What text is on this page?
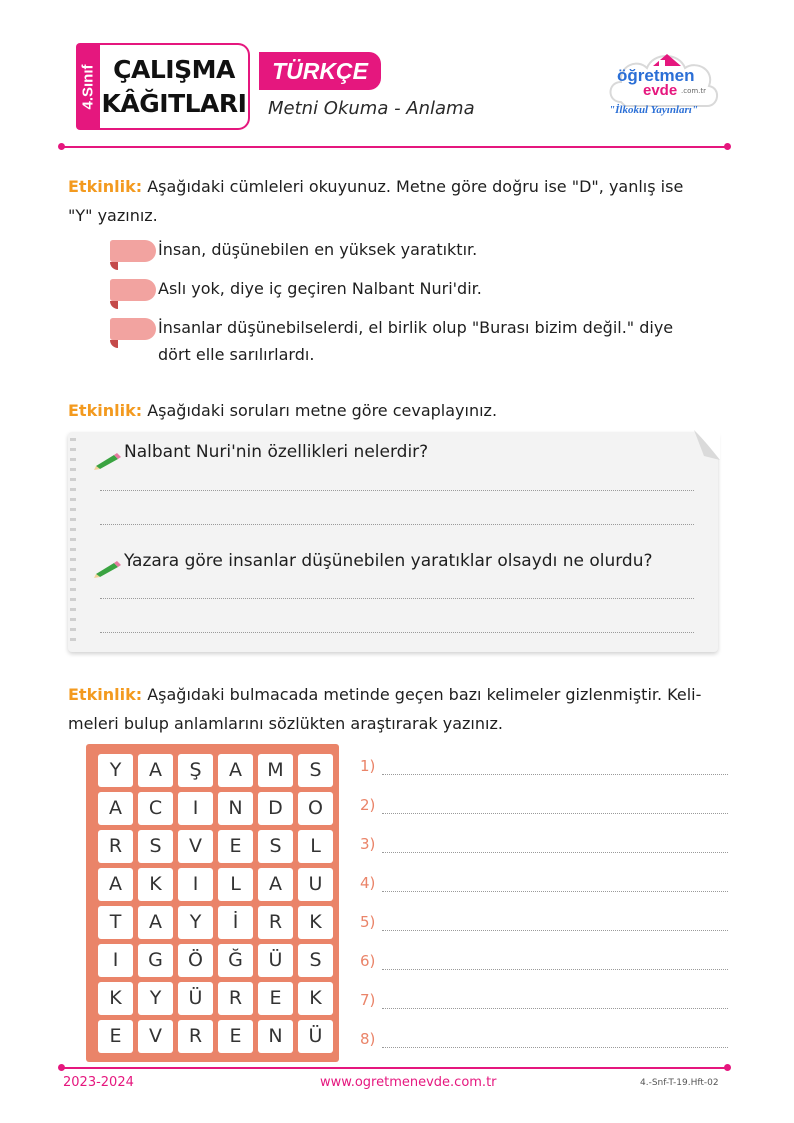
4.Sınıf ÇALIŞMA
KÂĞITLARI
TÜRKÇE
Metni Okuma - Anlama
öğretmen
evde .com.tr
"İlkokul Yayınları"
Etkinlik: Aşağıdaki cümleleri okuyunuz. Metne göre doğru ise "D", yanlış ise
"Y" yazınız.
İnsan, düşünebilen en yüksek yaratıktır.
Aslı yok, diye iç geçiren Nalbant Nuri'dir.
İnsanlar düşünebilselerdi, el birlik olup "Burası bizim değil." diye
dört elle sarılırlardı.
Etkinlik: Aşağıdaki soruları metne göre cevaplayınız.
Nalbant Nuri'nin özellikleri nelerdir?
Yazara göre insanlar düşünebilen yaratıklar olsaydı ne olurdu?
Etkinlik: Aşağıdaki bulmacada metinde geçen bazı kelimeler gizlenmiştir. Keli-
meleri bulup anlamlarını sözlükten araştırarak yazınız.
Y	A	Ş	A	M	S
A	C	I	N	D	O
R	S	V	E	S	L
A	K	I	L	A	U
T	A	Y	İ	R	K
I	G	Ö	Ğ	Ü	S
K	Y	Ü	R	E	K
E	V	R	E	N	Ü
1)
2)
3)
4)
5)
6)
7)
8)
2023-2024	www.ogretmenevde.com.tr	4.-Snf-T-19.Hft-02
